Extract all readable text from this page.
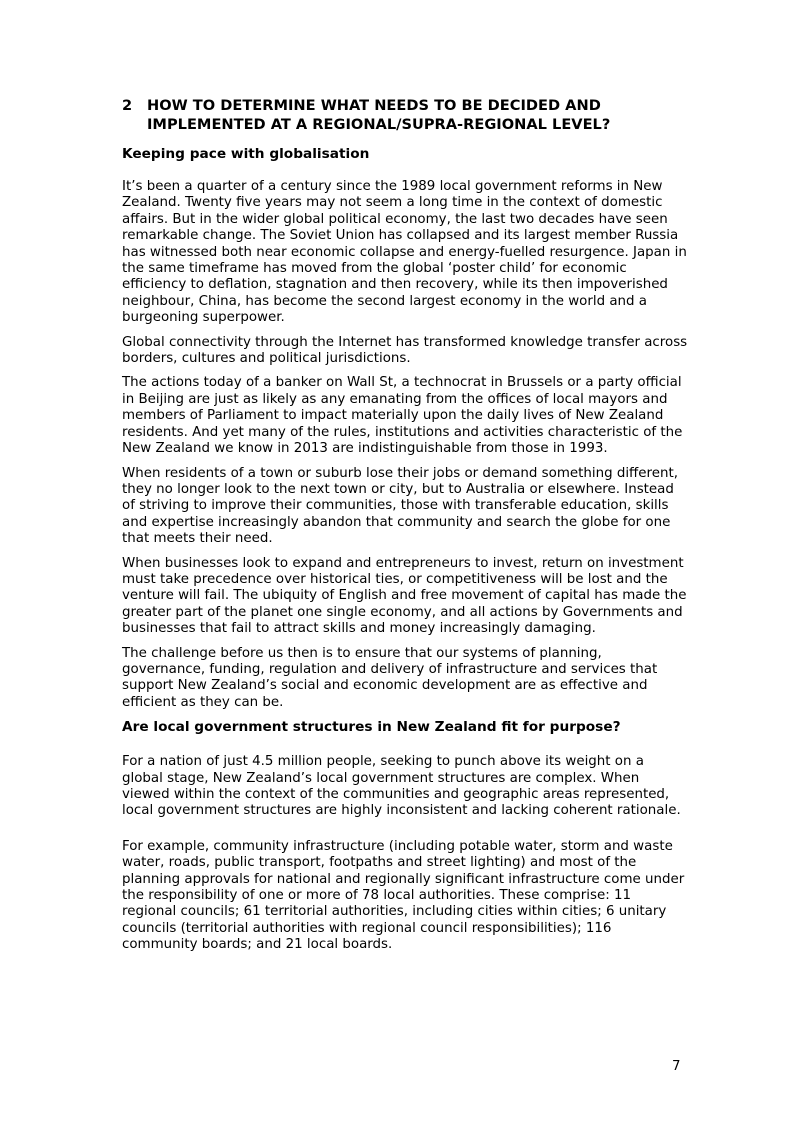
2	HOW TO DETERMINE WHAT NEEDS TO BE DECIDED AND IMPLEMENTED AT A REGIONAL/SUPRA-REGIONAL LEVEL?
Keeping pace with globalisation

It’s been a quarter of a century since the 1989 local government reforms in New Zealand. Twenty five years may not seem a long time in the context of domestic affairs. But in the wider global political economy, the last two decades have seen remarkable change. The Soviet Union has collapsed and its largest member Russia has witnessed both near economic collapse and energy-fuelled resurgence. Japan in the same timeframe has moved from the global ‘poster child’ for economic efficiency to deflation, stagnation and then recovery, while its then impoverished neighbour, China, has become the second largest economy in the world and a burgeoning superpower.

Global connectivity through the Internet has transformed knowledge transfer across borders, cultures and political jurisdictions.

The actions today of a banker on Wall St, a technocrat in Brussels or a party official in Beijing are just as likely as any emanating from the offices of local mayors and members of Parliament to impact materially upon the daily lives of New Zealand residents. And yet many of the rules, institutions and activities characteristic of the New Zealand we know in 2013 are indistinguishable from those in 1993.

When residents of a town or suburb lose their jobs or demand something different, they no longer look to the next town or city, but to Australia or elsewhere. Instead of striving to improve their communities, those with transferable education, skills and expertise increasingly abandon that community and search the globe for one that meets their need.

When businesses look to expand and entrepreneurs to invest, return on investment must take precedence over historical ties, or competitiveness will be lost and the venture will fail. The ubiquity of English and free movement of capital has made the greater part of the planet one single economy, and all actions by Governments and businesses that fail to attract skills and money increasingly damaging.

The challenge before us then is to ensure that our systems of planning, governance, funding, regulation and delivery of infrastructure and services that support New Zealand’s social and economic development are as effective and efficient as they can be.

Are local government structures in New Zealand fit for purpose?

For a nation of just 4.5 million people, seeking to punch above its weight on a global stage, New Zealand’s local government structures are complex. When viewed within the context of the communities and geographic areas represented, local government structures are highly inconsistent and lacking coherent rationale.

For example, community infrastructure (including potable water, storm and waste water, roads, public transport, footpaths and street lighting) and most of the planning approvals for national and regionally significant infrastructure come under the responsibility of one or more of 78 local authorities. These comprise: 11 regional councils; 61 territorial authorities, including cities within cities; 6 unitary councils (territorial authorities with regional council responsibilities); 116 community boards; and 21 local boards.

7
